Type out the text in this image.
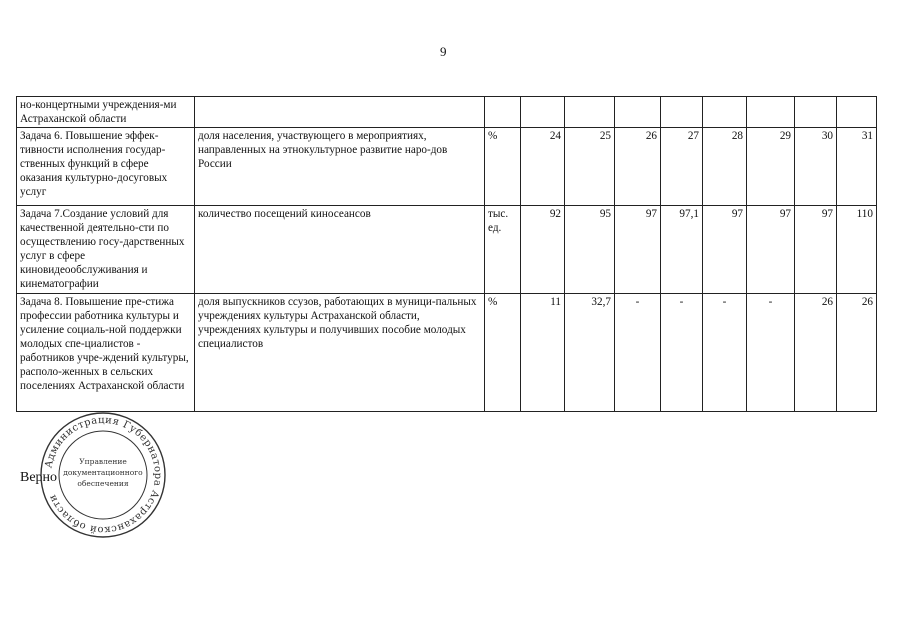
9
но-концертными учреждения-ми Астраханской области										
Задача 6. Повышение эффек-тивности исполнения государ-ственных функций в сфере оказания культурно-досуговых услуг	доля населения, участвующего в мероприятиях, направленных на этнокультурное развитие наро-дов России	%	24	25	26	27	28	29	30	31
Задача 7.Создание условий для качественной деятельно-сти по осуществлению госу-дарственных услуг в сфере киновидеообслуживания и кинематографии	количество посещений киносеансов	тыс. ед.	92	95	97	97,1	97	97	97	110
Задача 8. Повышение пре-стижа профессии работника культуры и усиление социаль-ной поддержки молодых спе-циалистов - работников учре-ждений культуры, располо-женных в сельских поселениях Астраханской области	доля выпускников ссузов, работающих в муници-пальных учреждениях культуры Астраханской области, учреждениях культуры и получивших пособие молодых специалистов	%	11	32,7	-	-	-	-	26	26
Верно
Администрация Губернатора Астраханской области
Управление
документационного
обеспечения
